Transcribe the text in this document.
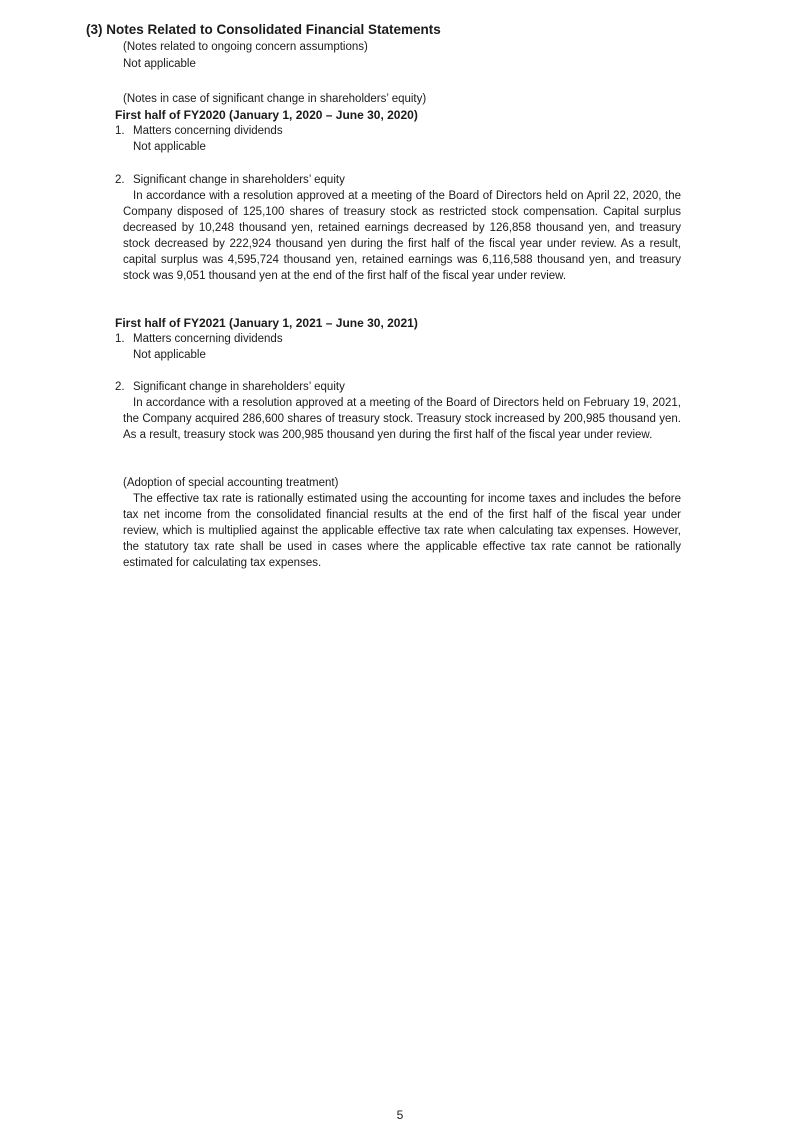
(3) Notes Related to Consolidated Financial Statements
(Notes related to ongoing concern assumptions)
Not applicable
(Notes in case of significant change in shareholders’ equity)
First half of FY2020 (January 1, 2020 – June 30, 2020)
1. Matters concerning dividends
Not applicable
2. Significant change in shareholders’ equity
In accordance with a resolution approved at a meeting of the Board of Directors held on April 22, 2020, the Company disposed of 125,100 shares of treasury stock as restricted stock compensation. Capital surplus decreased by 10,248 thousand yen, retained earnings decreased by 126,858 thousand yen, and treasury stock decreased by 222,924 thousand yen during the first half of the fiscal year under review. As a result, capital surplus was 4,595,724 thousand yen, retained earnings was 6,116,588 thousand yen, and treasury stock was 9,051 thousand yen at the end of the first half of the fiscal year under review.
First half of FY2021 (January 1, 2021 – June 30, 2021)
1. Matters concerning dividends
Not applicable
2. Significant change in shareholders’ equity
In accordance with a resolution approved at a meeting of the Board of Directors held on February 19, 2021, the Company acquired 286,600 shares of treasury stock. Treasury stock increased by 200,985 thousand yen. As a result, treasury stock was 200,985 thousand yen during the first half of the fiscal year under review.
(Adoption of special accounting treatment)
The effective tax rate is rationally estimated using the accounting for income taxes and includes the before tax net income from the consolidated financial results at the end of the first half of the fiscal year under review, which is multiplied against the applicable effective tax rate when calculating tax expenses. However, the statutory tax rate shall be used in cases where the applicable effective tax rate cannot be rationally estimated for calculating tax expenses.
5
